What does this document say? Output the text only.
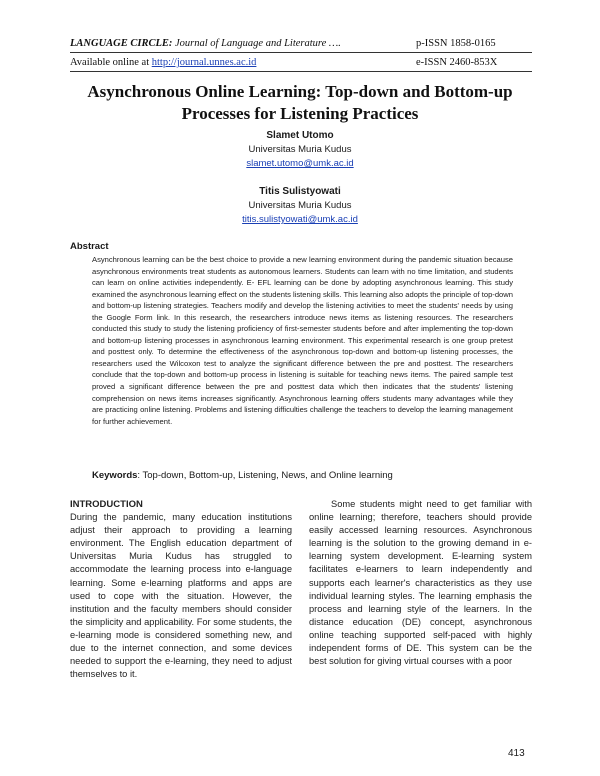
LANGUAGE CIRCLE: Journal of Language and Literature ….	p-ISSN 1858-0165
Available online at http://journal.unnes.ac.id	e-ISSN 2460-853X
Asynchronous Online Learning: Top-down and Bottom-up Processes for Listening Practices
Slamet Utomo
Universitas Muria Kudus
slamet.utomo@umk.ac.id
Titis Sulistyowati
Universitas Muria Kudus
titis.sulistyowati@umk.ac.id
Abstract
Asynchronous learning can be the best choice to provide a new learning environment during the pandemic situation because asynchronous environments treat students as autonomous learners. Students can learn with no time limitation, and students can learn on online activities independently. E- EFL learning can be done by adopting asynchronous learning. This study examined the asynchronous learning effect on the students listening skills. This learning also adopts the principle of top-down and bottom-up listening strategies. Teachers modify and develop the listening activities to meet the students' needs by using the Google Form link. In this research, the researchers introduce news items as listening resources. The researchers conducted this study to study the listening proficiency of first-semester students before and after implementing the top-down and bottom-up listening processes in asynchronous learning environment. This experimental research is one group pretest and posttest only. To determine the effectiveness of the asynchronous top-down and bottom-up listening processes, the researchers used the Wilcoxon test to analyze the significant difference between the pre and posttest. The researchers conclude that the top-down and bottom-up process in listening is suitable for teaching news items. The paired sample test proved a significant difference between the pre and posttest data which then indicates that the students' listening comprehension on news items increases significantly. Asynchronous learning offers students many advantages while they are practicing online listening. Problems and listening difficulties challenge the teachers to develop the learning management for further achievement.
Keywords: Top-down, Bottom-up, Listening, News, and Online learning
INTRODUCTION
During the pandemic, many education institutions adjust their approach to providing a learning environment. The English education department of Universitas Muria Kudus has struggled to accommodate the learning process into e-language learning. Some e-learning platforms and apps are used to cope with the situation. However, the institution and the faculty members should consider the simplicity and applicability. For some students, the e-learning mode is considered something new, and due to the internet connection, and some devices needed to support the e-learning, they need to adjust themselves to it.
Some students might need to get familiar with online learning; therefore, teachers should provide easily accessed learning resources. Asynchronous learning is the solution to the growing demand in e-learning system development. E-learning system facilitates e-learners to learn independently and supports each learner's characteristics as they use individual learning styles. The learning emphasis the process and learning style of the learners. In the distance education (DE) concept, asynchronous online teaching supported self-paced with highly independent forms of DE. This system can be the best solution for giving virtual courses with a poor
413
